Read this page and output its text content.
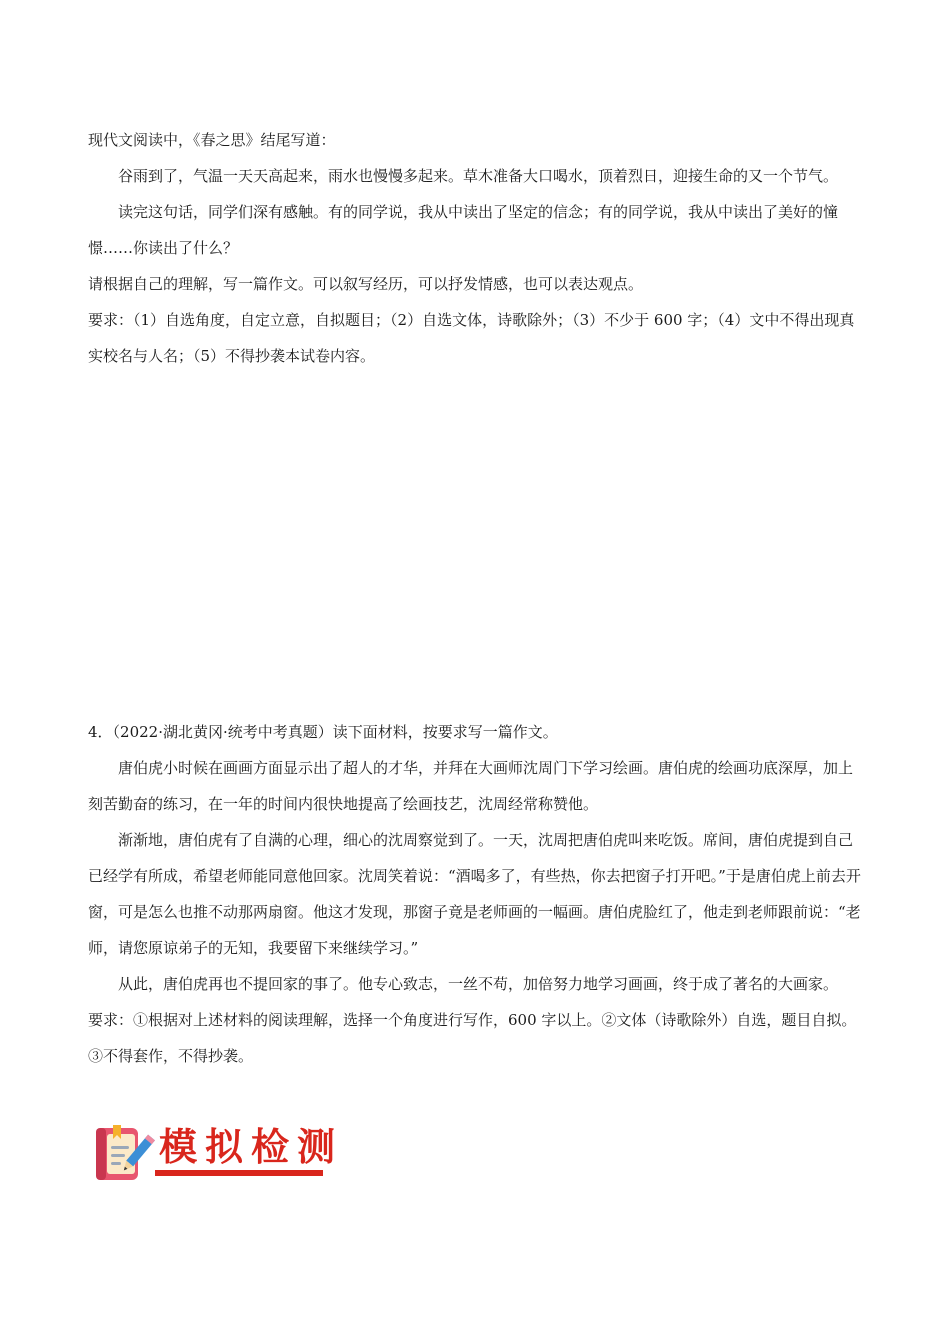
现代文阅读中，《春之思》结尾写道：

谷雨到了，气温一天天高起来，雨水也慢慢多起来。草木准备大口喝水，顶着烈日，迎接生命的又一个节气。

读完这句话，同学们深有感触。有的同学说，我从中读出了坚定的信念；有的同学说，我从中读出了美好的憧憬……你读出了什么？

请根据自己的理解，写一篇作文。可以叙写经历，可以抒发情感，也可以表达观点。

要求：（1）自选角度，自定立意，自拟题目；（2）自选文体，诗歌除外；（3）不少于 600 字；（4）文中不得出现真实校名与人名；（5）不得抄袭本试卷内容。

4．（2022·湖北黄冈·统考中考真题）读下面材料，按要求写一篇作文。

唐伯虎小时候在画画方面显示出了超人的才华，并拜在大画师沈周门下学习绘画。唐伯虎的绘画功底深厚，加上刻苦勤奋的练习，在一年的时间内很快地提高了绘画技艺，沈周经常称赞他。

渐渐地，唐伯虎有了自满的心理，细心的沈周察觉到了。一天，沈周把唐伯虎叫来吃饭。席间，唐伯虎提到自己已经学有所成，希望老师能同意他回家。沈周笑着说：“酒喝多了，有些热，你去把窗子打开吧。”于是唐伯虎上前去开窗，可是怎么也推不动那两扇窗。他这才发现，那窗子竟是老师画的一幅画。唐伯虎脸红了，他走到老师跟前说：“老师，请您原谅弟子的无知，我要留下来继续学习。”

从此，唐伯虎再也不提回家的事了。他专心致志，一丝不苟，加倍努力地学习画画，终于成了著名的大画家。

要求：①根据对上述材料的阅读理解，选择一个角度进行写作，600 字以上。②文体（诗歌除外）自选，题目自拟。③不得套作，不得抄袭。

模拟检测
